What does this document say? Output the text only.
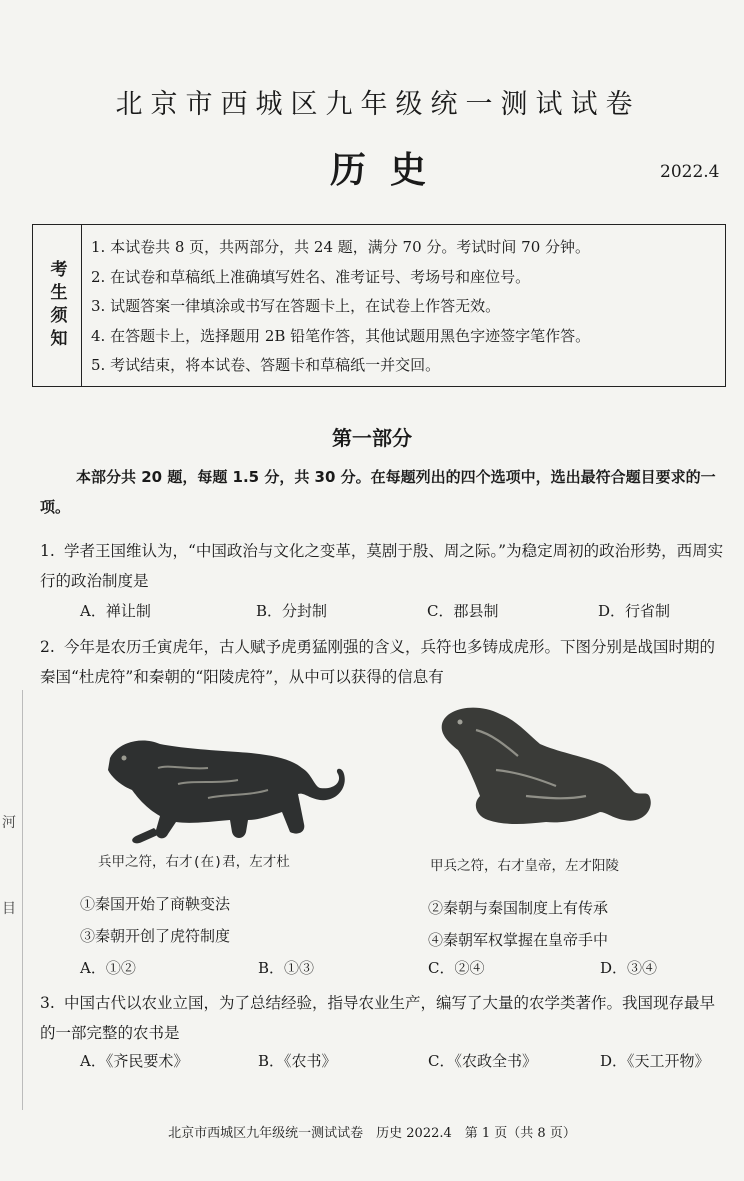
北京市西城区九年级统一测试试卷
历史	2022.4
考生须知
1. 本试卷共 8 页，共两部分，共 24 题，满分 70 分。考试时间 70 分钟。
2. 在试卷和草稿纸上准确填写姓名、准考证号、考场号和座位号。
3. 试题答案一律填涂或书写在答题卡上，在试卷上作答无效。
4. 在答题卡上，选择题用 2B 铅笔作答，其他试题用黑色字迹签字笔作答。
5. 考试结束，将本试卷、答题卡和草稿纸一并交回。
第一部分
本部分共 20 题，每题 1.5 分，共 30 分。在每题列出的四个选项中，选出最符合题目要求的一项。
1. 学者王国维认为，“中国政治与文化之变革，莫剧于殷、周之际。”为稳定周初的政治形势，西周实行的政治制度是
A．禅让制	B．分封制	C．郡县制	D．行省制
2. 今年是农历壬寅虎年，古人赋予虎勇猛刚强的含义，兵符也多铸成虎形。下图分别是战国时期的秦国“杜虎符”和秦朝的“阳陵虎符”，从中可以获得的信息有
兵甲之符，右才(在)君，左才杜	甲兵之符，右才皇帝，左才阳陵
①秦国开始了商鞅变法	②秦朝与秦国制度上有传承
③秦朝开创了虎符制度	④秦朝军权掌握在皇帝手中
A．①②	B．①③	C．②④	D．③④
3. 中国古代以农业立国，为了总结经验，指导农业生产，编写了大量的农学类著作。我国现存最早的一部完整的农书是
A．《齐民要术》	B．《农书》	C．《农政全书》	D．《天工开物》
北京市西城区九年级统一测试试卷　历史 2022.4　第 1 页（共 8 页）
河
目
